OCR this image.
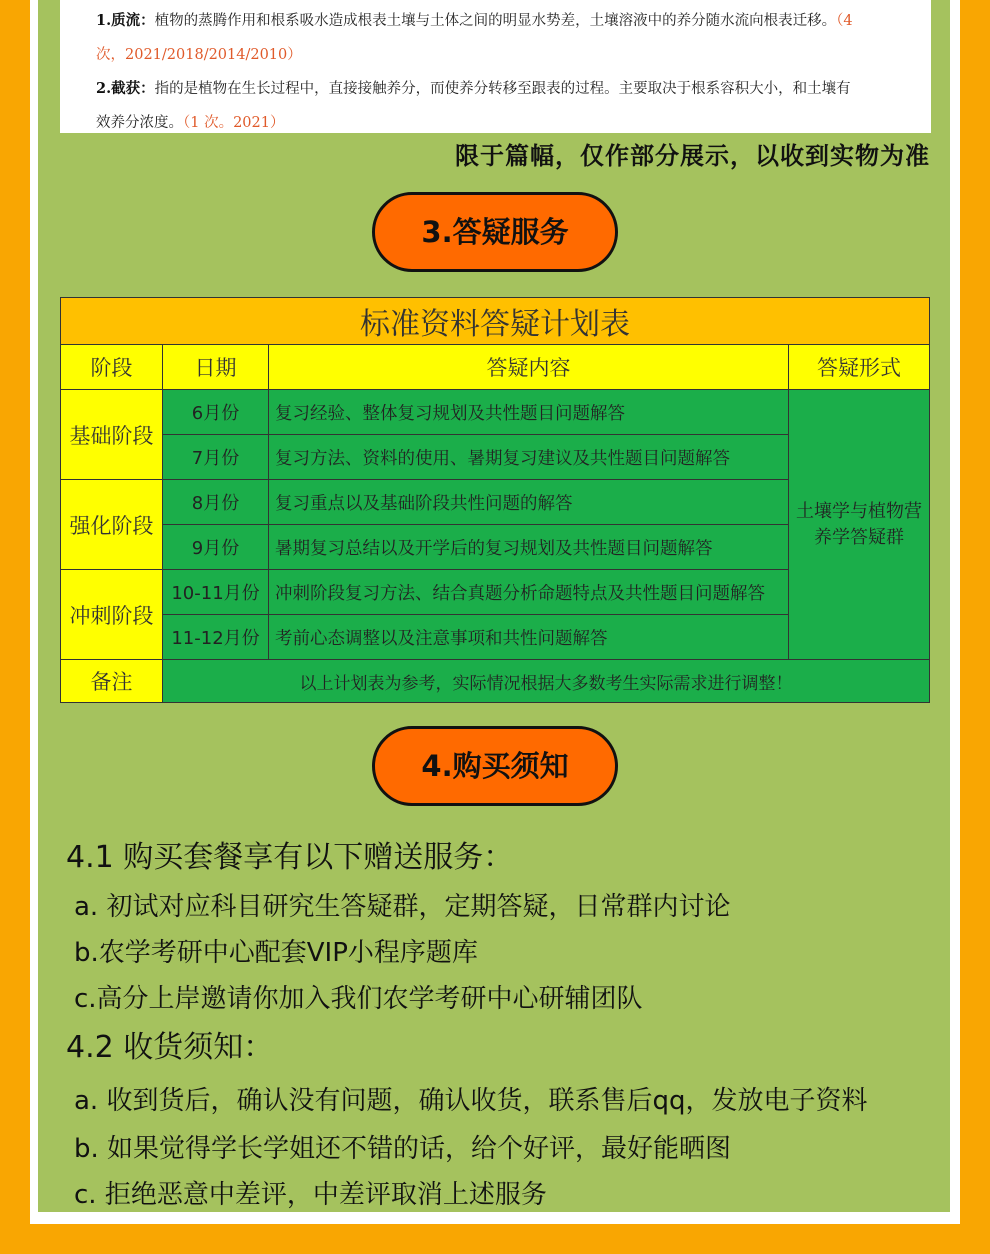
1.质流：植物的蒸腾作用和根系吸水造成根表土壤与土体之间的明显水势差，土壤溶液中的养分随水流向根表迁移。（4
次，2021/2018/2014/2010）
2.截获：指的是植物在生长过程中，直接接触养分，而使养分转移至跟表的过程。主要取决于根系容积大小，和土壤有
效养分浓度。（1 次。2021）
限于篇幅，仅作部分展示，以收到实物为准
3.答疑服务
标准资料答疑计划表			
阶段	日期	答疑内容	答疑形式
基础阶段	6月份	复习经验、整体复习规划及共性题目问题解答	土壤学与植物营养学答疑群
	7月份	复习方法、资料的使用、暑期复习建议及共性题目问题解答	
强化阶段	8月份	复习重点以及基础阶段共性问题的解答	
	9月份	暑期复习总结以及开学后的复习规划及共性题目问题解答	
冲刺阶段	10-11月份	冲刺阶段复习方法、结合真题分析命题特点及共性题目问题解答	
	11-12月份	考前心态调整以及注意事项和共性问题解答	
备注	以上计划表为参考，实际情况根据大多数考生实际需求进行调整！		
4.购买须知
4.1 购买套餐享有以下赠送服务：
a. 初试对应科目研究生答疑群，定期答疑，日常群内讨论
b.农学考研中心配套VIP小程序题库
c.高分上岸邀请你加入我们农学考研中心研辅团队
4.2 收货须知：
a. 收到货后，确认没有问题，确认收货，联系售后qq，发放电子资料
b. 如果觉得学长学姐还不错的话，给个好评，最好能晒图
c. 拒绝恶意中差评，中差评取消上述服务
